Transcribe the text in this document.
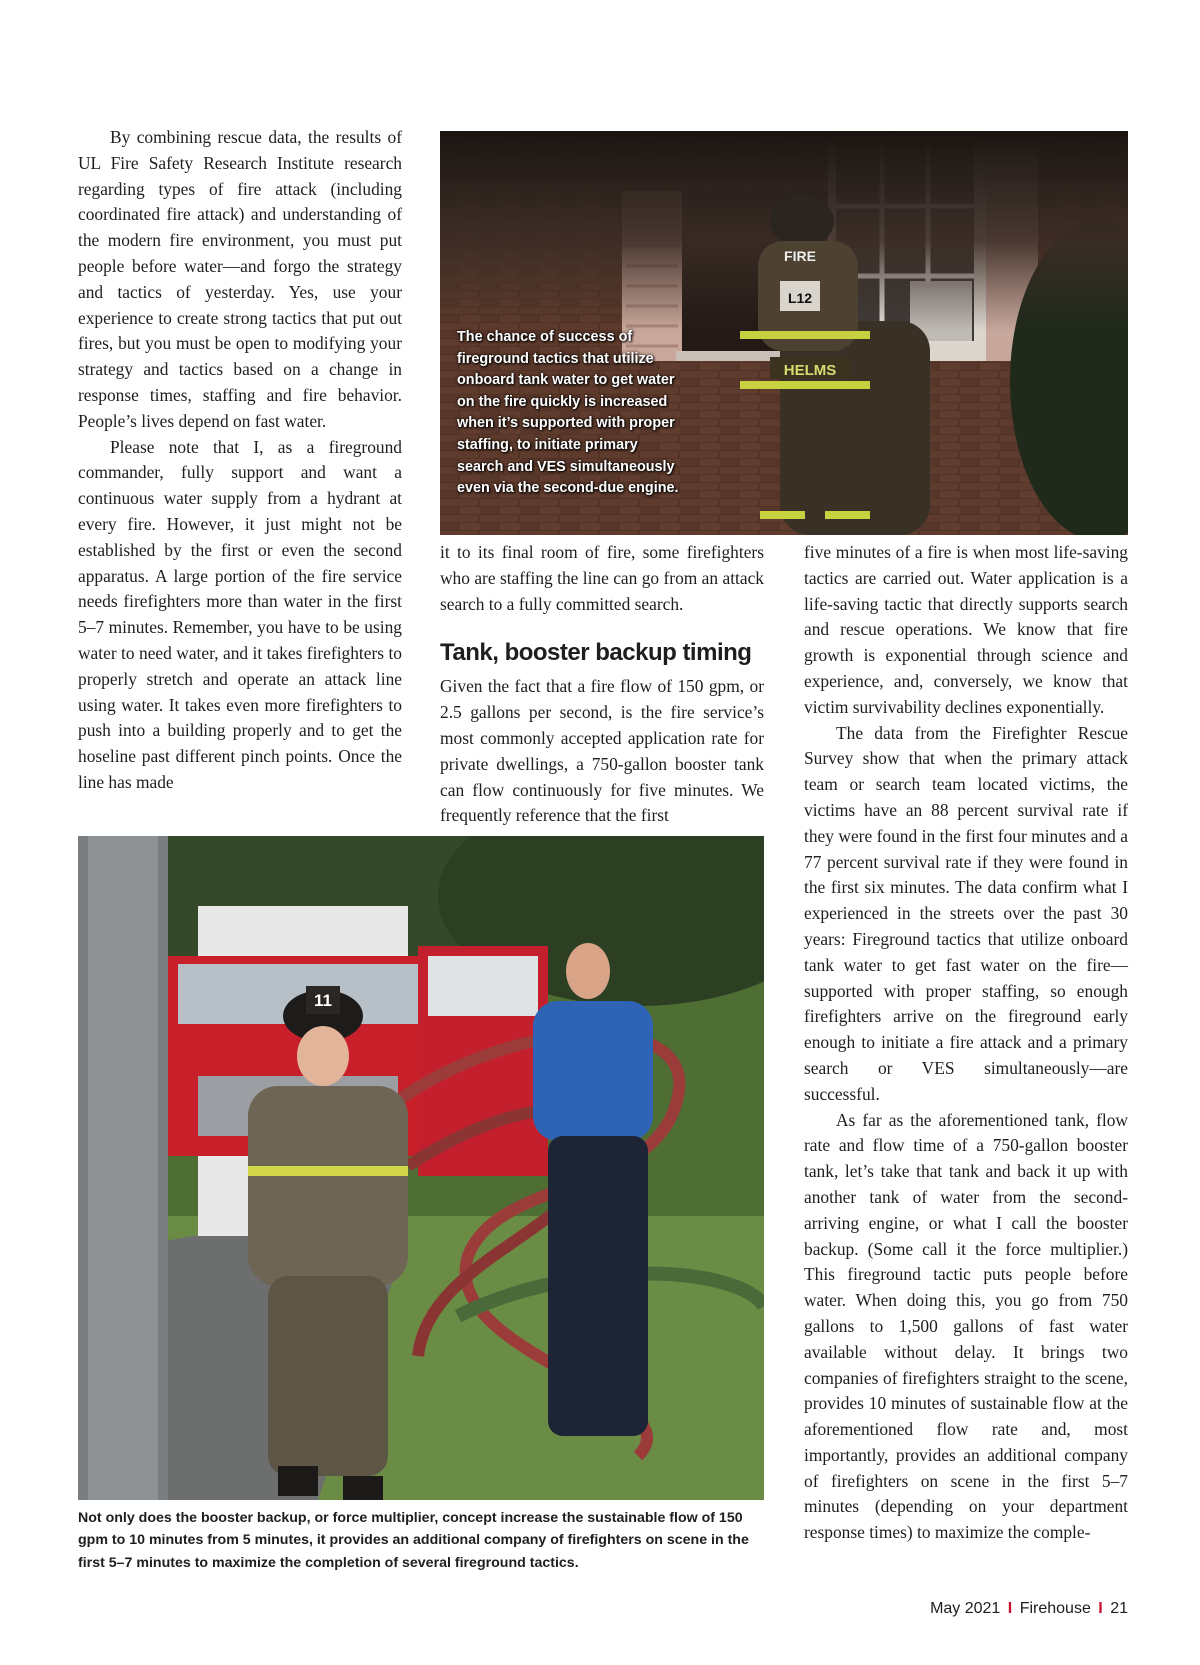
By combining rescue data, the results of UL Fire Safety Research Institute research regarding types of fire attack (including coordinated fire attack) and understanding of the modern fire environment, you must put people before water—and forgo the strategy and tactics of yesterday. Yes, use your experience to create strong tactics that put out fires, but you must be open to modifying your strategy and tactics based on a change in response times, staffing and fire behavior. People’s lives depend on fast water.

Please note that I, as a fireground commander, fully support and want a continuous water supply from a hydrant at every fire. However, it just might not be established by the first or even the second apparatus. A large portion of the fire service needs firefighters more than water in the first 5–7 minutes. Remember, you have to be using water to need water, and it takes firefighters to properly stretch and operate an attack line using water. It takes even more firefighters to push into a building properly and to get the hoseline past different pinch points. Once the line has made

L12
FIRE
HELMS
The chance of success of fireground tactics that utilize onboard tank water to get water on the fire quickly is increased when it’s supported with proper staffing, to initiate primary search and VES simultaneously even via the second-due engine.

it to its final room of fire, some firefighters who are staffing the line can go from an attack search to a fully committed search.

Tank, booster backup timing

Given the fact that a fire flow of 150 gpm, or 2.5 gallons per second, is the fire service’s most commonly accepted application rate for private dwellings, a 750-gallon booster tank can flow continuously for five minutes. We frequently reference that the first

five minutes of a fire is when most life-saving tactics are carried out. Water application is a life-saving tactic that directly supports search and rescue operations. We know that fire growth is exponential through science and experience, and, conversely, we know that victim survivability declines exponentially.

The data from the Firefighter Rescue Survey show that when the primary attack team or search team located victims, the victims have an 88 percent survival rate if they were found in the first four minutes and a 77 percent survival rate if they were found in the first six minutes. The data confirm what I experienced in the streets over the past 30 years: Fireground tactics that utilize onboard tank water to get fast water on the fire—supported with proper staffing, so enough firefighters arrive on the fireground early enough to initiate a fire attack and a primary search or VES simultaneously—are successful.

As far as the aforementioned tank, flow rate and flow time of a 750-gallon booster tank, let’s take that tank and back it up with another tank of water from the second-arriving engine, or what I call the booster backup. (Some call it the force multiplier.) This fireground tactic puts people before water. When doing this, you go from 750 gallons to 1,500 gallons of fast water available without delay. It brings two companies of firefighters straight to the scene, provides 10 minutes of sustainable flow at the aforementioned flow rate and, most importantly, provides an additional company of firefighters on scene in the first 5–7 minutes (depending on your department response times) to maximize the comple-

11
Not only does the booster backup, or force multiplier, concept increase the sustainable flow of 150 gpm to 10 minutes from 5 minutes, it provides an additional company of firefighters on scene in the first 5–7 minutes to maximize the completion of several fireground tactics.
May 2021 I Firehouse I 21
